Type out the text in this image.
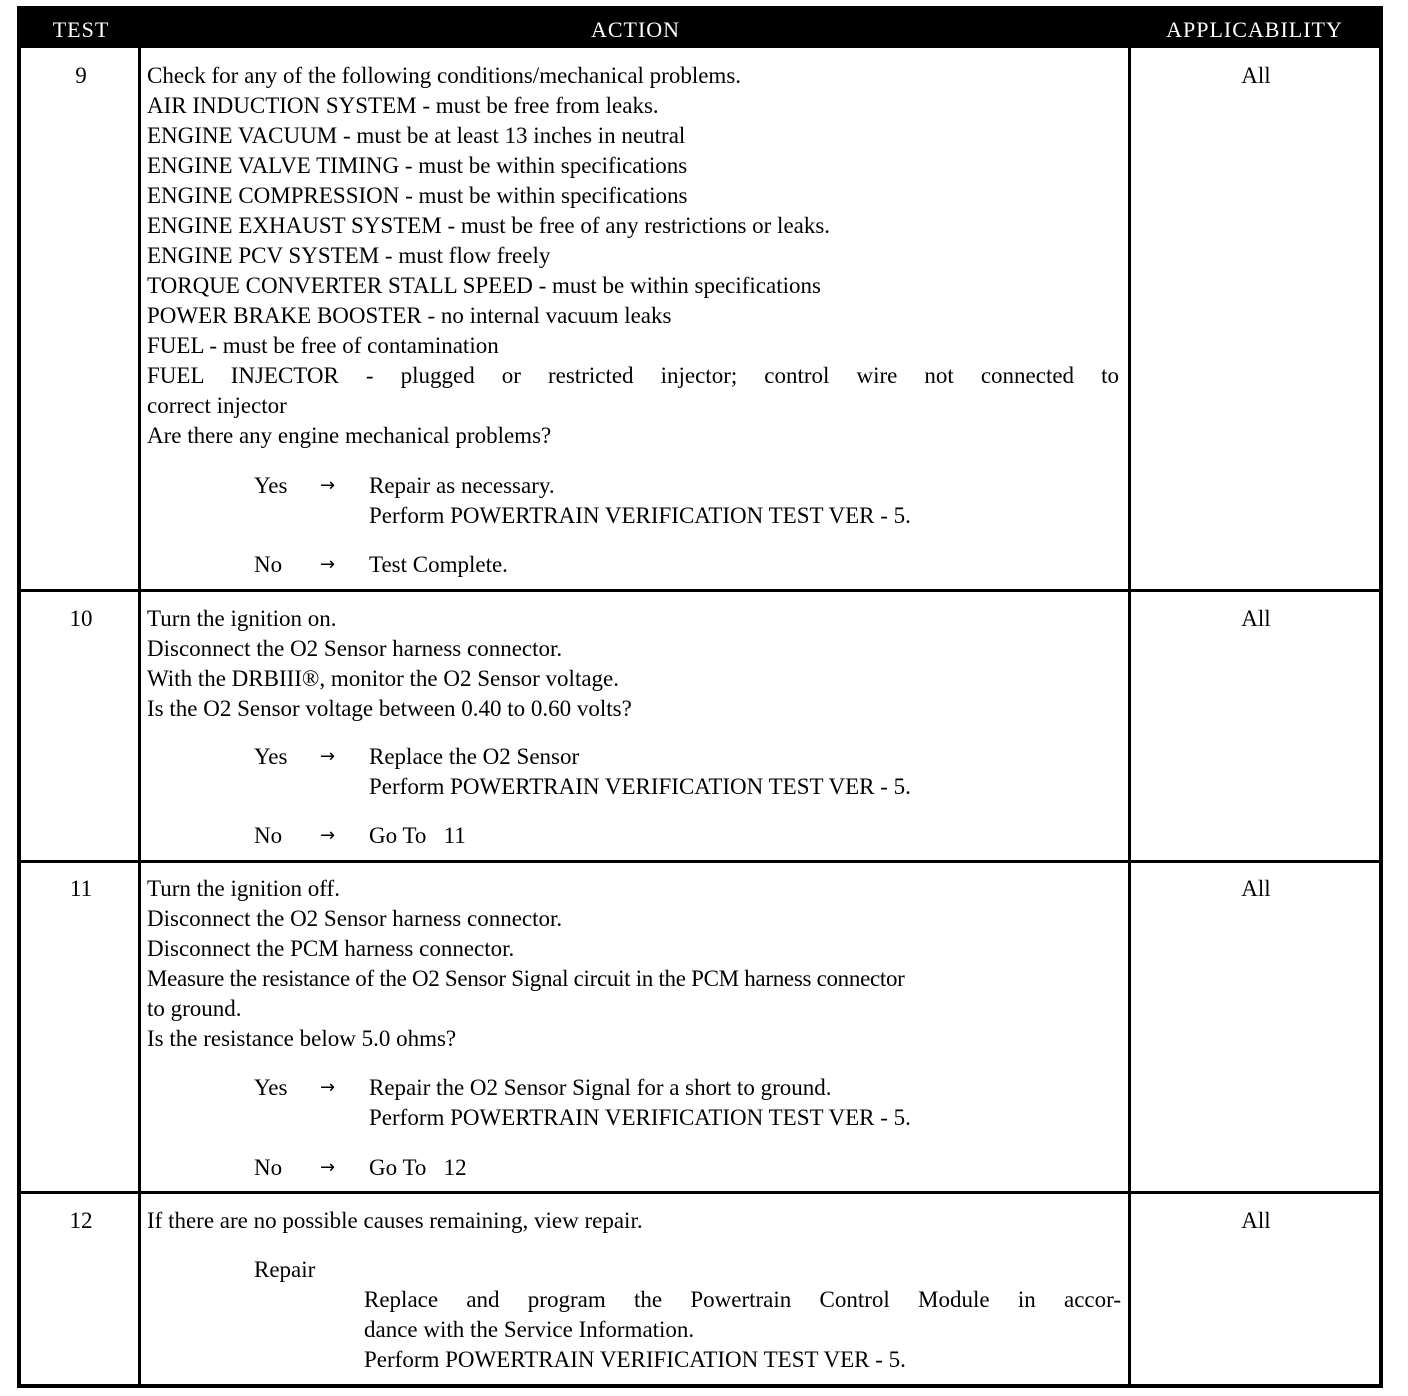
TEST	ACTION	APPLICABILITY
9	Check for any of the following conditions/mechanical problems.
AIR INDUCTION SYSTEM - must be free from leaks.
ENGINE VACUUM - must be at least 13 inches in neutral
ENGINE VALVE TIMING - must be within specifications
ENGINE COMPRESSION - must be within specifications
ENGINE EXHAUST SYSTEM - must be free of any restrictions or leaks.
ENGINE PCV SYSTEM - must flow freely
TORQUE CONVERTER STALL SPEED - must be within specifications
POWER BRAKE BOOSTER - no internal vacuum leaks
FUEL - must be free of contamination
FUEL INJECTOR - plugged or restricted injector; control wire not connected to
correct injector
Are there any engine mechanical problems?
Yes → Repair as necessary.
Perform POWERTRAIN VERIFICATION TEST VER - 5.
No → Test Complete.
All
10	Turn the ignition on.
Disconnect the O2 Sensor harness connector.
With the DRBIII®, monitor the O2 Sensor voltage.
Is the O2 Sensor voltage between 0.40 to 0.60 volts?
Yes → Replace the O2 Sensor
Perform POWERTRAIN VERIFICATION TEST VER - 5.
No → Go To   11
All
11	Turn the ignition off.
Disconnect the O2 Sensor harness connector.
Disconnect the PCM harness connector.
Measure the resistance of the O2 Sensor Signal circuit in the PCM harness connector
to ground.
Is the resistance below 5.0 ohms?
Yes → Repair the O2 Sensor Signal for a short to ground.
Perform POWERTRAIN VERIFICATION TEST VER - 5.
No → Go To   12
All
12	If there are no possible causes remaining, view repair.
Repair
Replace and program the Powertrain Control Module in accor-
dance with the Service Information.
Perform POWERTRAIN VERIFICATION TEST VER - 5.
All
